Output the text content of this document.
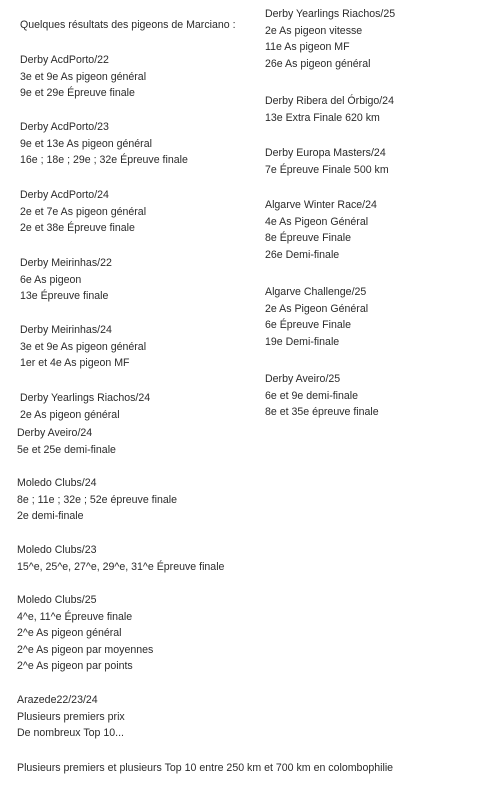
Quelques résultats des pigeons de Marciano :
Derby AcdPorto/22
3e et 9e As pigeon général
9e et 29e Épreuve finale
Derby AcdPorto/23
9e et 13e As pigeon général
16e ; 18e ; 29e ; 32e Épreuve finale
Derby AcdPorto/24
2e et 7e As pigeon général
2e et 38e Épreuve finale
Derby Meirinhas/22
6e As pigeon
13e Épreuve finale
Derby Meirinhas/24
3e et 9e As pigeon général
1er et 4e As pigeon MF
Derby Yearlings Riachos/24
2e As pigeon général
Derby Aveiro/24
5e et 25e demi-finale
Moledo Clubs/24
8e ; 11e ; 32e ; 52e épreuve finale
2e demi-finale
Moledo Clubs/23
15^e, 25^e, 27^e, 29^e, 31^e Épreuve finale
Moledo Clubs/25
4^e, 11^e Épreuve finale
2^e As pigeon général
2^e As pigeon par moyennes
2^e As pigeon par points
Arazede22/23/24
Plusieurs premiers prix
De nombreux Top 10...
Derby Yearlings Riachos/25
2e As pigeon vitesse
11e As pigeon MF
26e As pigeon général
Derby Ribera del Órbigo/24
13e Extra Finale 620 km
Derby Europa Masters/24
7e Épreuve Finale 500 km
Algarve Winter Race/24
4e As Pigeon Général
8e Épreuve Finale
26e Demi-finale
Algarve Challenge/25
2e As Pigeon Général
6e Épreuve Finale
19e Demi-finale
Derby Aveiro/25
6e et 9e demi-finale
8e et 35e épreuve finale
Plusieurs premiers et plusieurs Top 10 entre 250 km et 700 km en colombophilie
